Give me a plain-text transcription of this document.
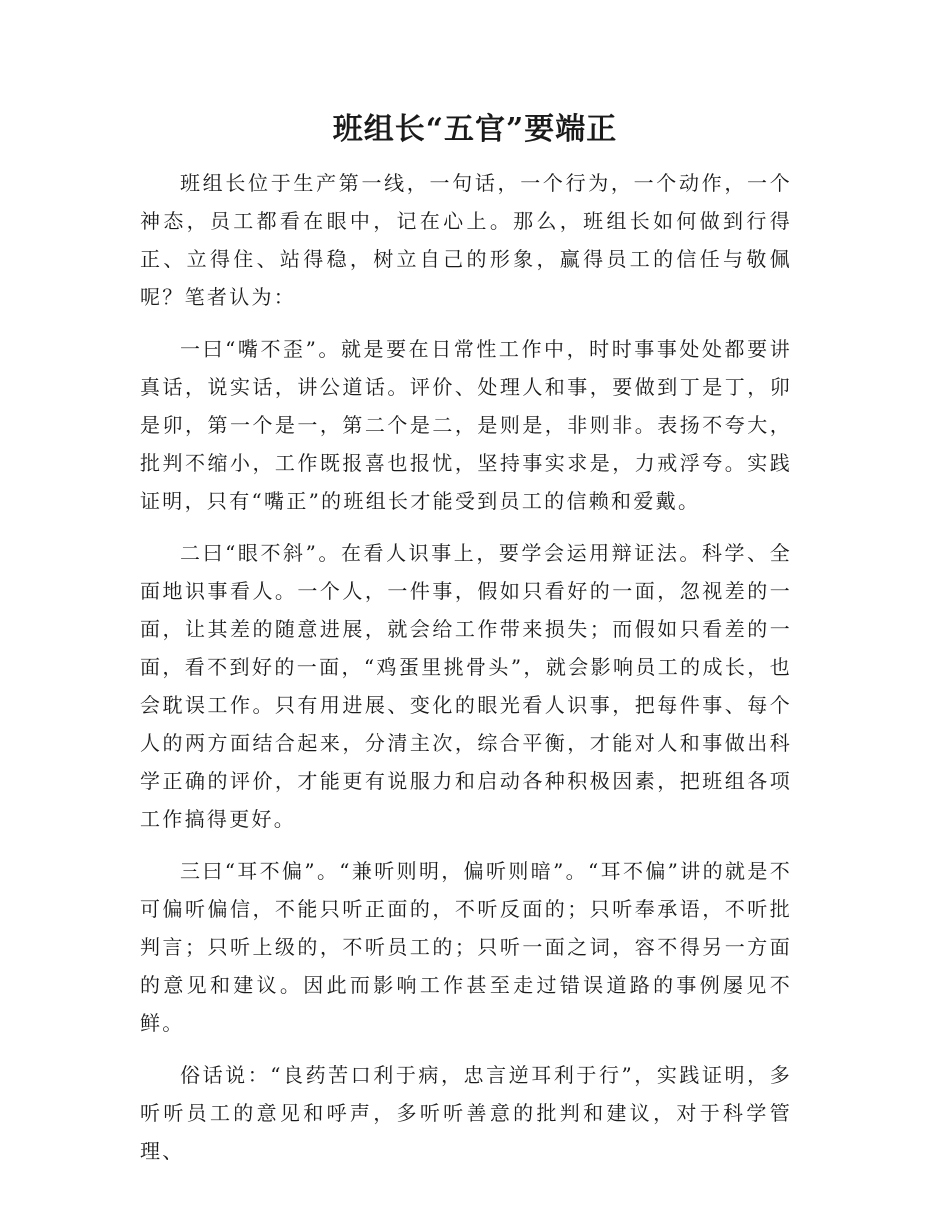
班组长“五官”要端正

班组长位于生产第一线，一句话，一个行为，一个动作，一个神态，员工都看在眼中，记在心上。那么，班组长如何做到行得正、立得住、站得稳，树立自己的形象，赢得员工的信任与敬佩呢？笔者认为：

一曰“嘴不歪”。就是要在日常性工作中，时时事事处处都要讲真话，说实话，讲公道话。评价、处理人和事，要做到丁是丁，卯是卯，第一个是一，第二个是二，是则是，非则非。表扬不夸大，批判不缩小，工作既报喜也报忧，坚持事实求是，力戒浮夸。实践证明，只有“嘴正”的班组长才能受到员工的信赖和爱戴。

二曰“眼不斜”。在看人识事上，要学会运用辩证法。科学、全面地识事看人。一个人，一件事，假如只看好的一面，忽视差的一面，让其差的随意进展，就会给工作带来损失；而假如只看差的一面，看不到好的一面，“鸡蛋里挑骨头”，就会影响员工的成长，也会耽误工作。只有用进展、变化的眼光看人识事，把每件事、每个人的两方面结合起来，分清主次，综合平衡，才能对人和事做出科学正确的评价，才能更有说服力和启动各种积极因素，把班组各项工作搞得更好。

三曰“耳不偏”。“兼听则明，偏听则暗”。“耳不偏”讲的就是不可偏听偏信，不能只听正面的，不听反面的；只听奉承语，不听批判言；只听上级的，不听员工的；只听一面之词，容不得另一方面的意见和建议。因此而影响工作甚至走过错误道路的事例屡见不鲜。

俗话说：“良药苦口利于病，忠言逆耳利于行”，实践证明，多听听员工的意见和呼声，多听听善意的批判和建议，对于科学管理、
